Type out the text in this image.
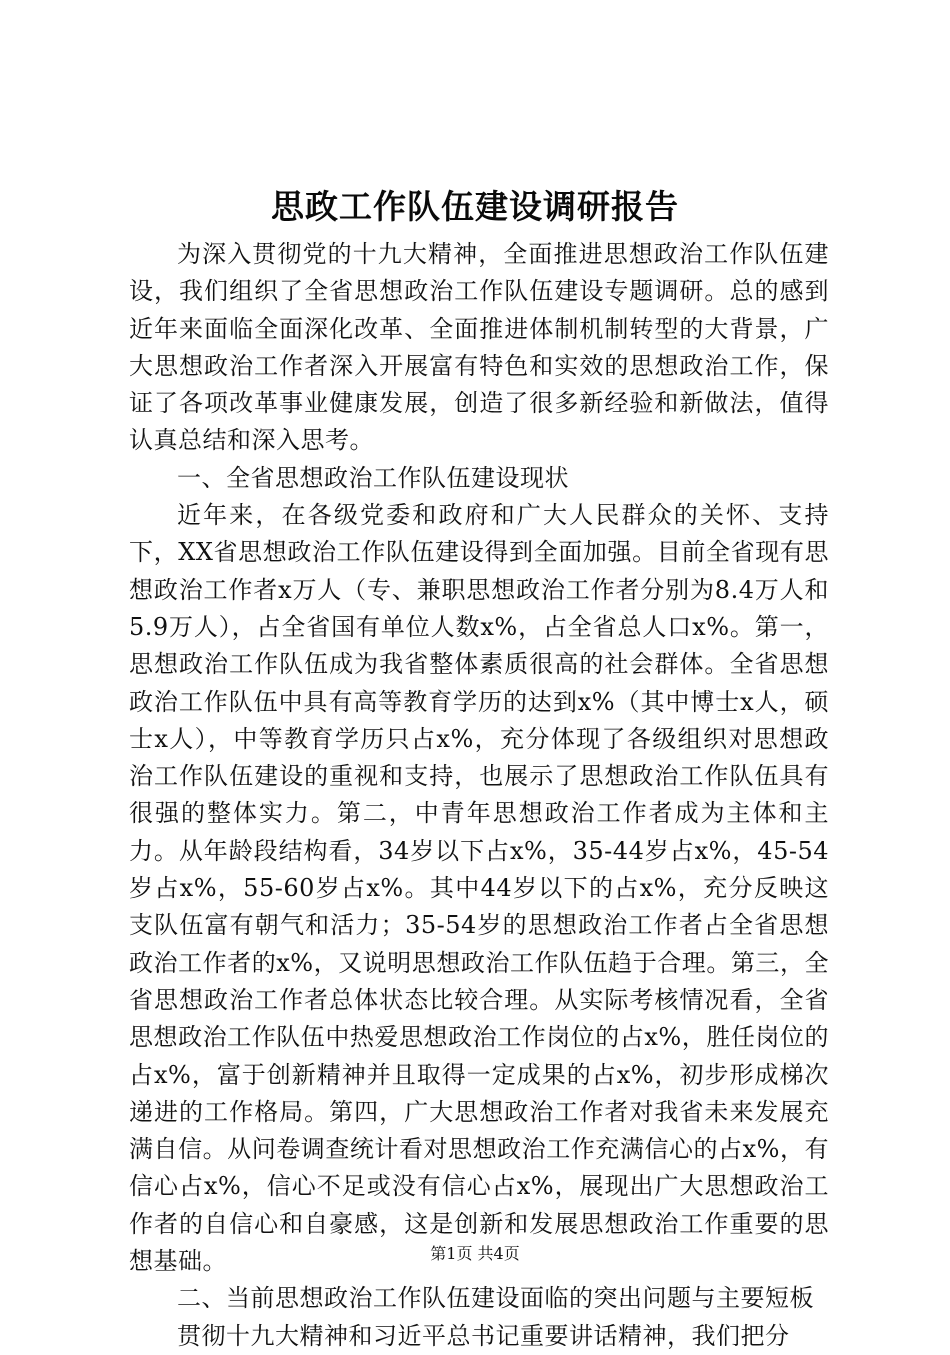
思政工作队伍建设调研报告

为深入贯彻党的十九大精神，全面推进思想政治工作队伍建设，我们组织了全省思想政治工作队伍建设专题调研。总的感到近年来面临全面深化改革、全面推进体制机制转型的大背景，广大思想政治工作者深入开展富有特色和实效的思想政治工作，保证了各项改革事业健康发展，创造了很多新经验和新做法，值得认真总结和深入思考。

一、全省思想政治工作队伍建设现状

近年来，在各级党委和政府和广大人民群众的关怀、支持下，XX省思想政治工作队伍建设得到全面加强。目前全省现有思想政治工作者x万人（专、兼职思想政治工作者分别为8.4万人和5.9万人），占全省国有单位人数x%，占全省总人口x%。第一，思想政治工作队伍成为我省整体素质很高的社会群体。全省思想政治工作队伍中具有高等教育学历的达到x%（其中博士x人，硕士x人），中等教育学历只占x%，充分体现了各级组织对思想政治工作队伍建设的重视和支持，也展示了思想政治工作队伍具有很强的整体实力。第二，中青年思想政治工作者成为主体和主力。从年龄段结构看，34岁以下占x%，35-44岁占x%，45-54岁占x%，55-60岁占x%。其中44岁以下的占x%，充分反映这支队伍富有朝气和活力；35-54岁的思想政治工作者占全省思想政治工作者的x%，又说明思想政治工作队伍趋于合理。第三，全省思想政治工作者总体状态比较合理。从实际考核情况看，全省思想政治工作队伍中热爱思想政治工作岗位的占x%，胜任岗位的占x%，富于创新精神并且取得一定成果的占x%，初步形成梯次递进的工作格局。第四，广大思想政治工作者对我省未来发展充满自信。从问卷调查统计看对思想政治工作充满信心的占x%，有信心占x%，信心不足或没有信心占x%，展现出广大思想政治工作者的自信心和自豪感，这是创新和发展思想政治工作重要的思想基础。

二、当前思想政治工作队伍建设面临的突出问题与主要短板

贯彻十九大精神和习近平总书记重要讲话精神，我们把分

第1页 共4页
